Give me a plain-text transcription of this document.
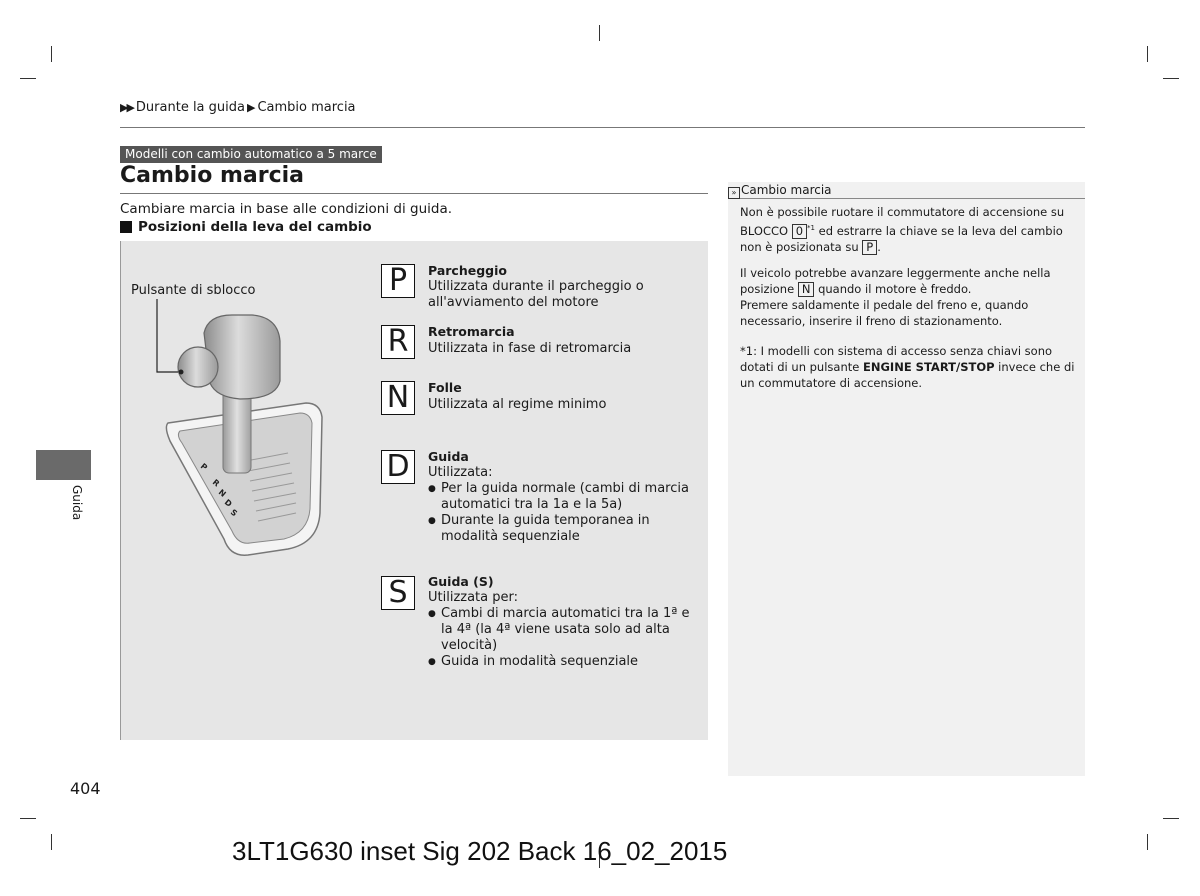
▶▶ Durante la guida ▶ Cambio marcia
Modelli con cambio automatico a 5 marce
Cambio marcia
Cambiare marcia in base alle condizioni di guida.
Posizioni della leva del cambio
P
R
N
D
S
Pulsante di sblocco	P	Parcheggio
Utilizzata durante il parcheggio o all'avviamento del motore
R	Retromarcia
Utilizzata in fase di retromarcia
N	Folle
Utilizzata al regime minimo
D	Guida
Utilizzata:
● Per la guida normale (cambi di marcia automatici tra la 1a e la 5a)
● Durante la guida temporanea in modalità sequenziale
S	Guida (S)
Utilizzata per:
● Cambi di marcia automatici tra la 1ª e la 4ª (la 4ª viene usata solo ad alta velocità)
● Guida in modalità sequenziale
Guida
404
» Cambio marcia
Non è possibile ruotare il commutatore di accensione su BLOCCO 0 $^{*1}$ ed estrarre la chiave se la leva del cambio non è posizionata su P .
Il veicolo potrebbe avanzare leggermente anche nella posizione N quando il motore è freddo.
Premere saldamente il pedale del freno e, quando necessario, inserire il freno di stazionamento.
*1: I modelli con sistema di accesso senza chiavi sono dotati di un pulsante ENGINE START/STOP invece che di un commutatore di accensione.
3LT1G630 inset Sig 202 Back 16_02_2015
